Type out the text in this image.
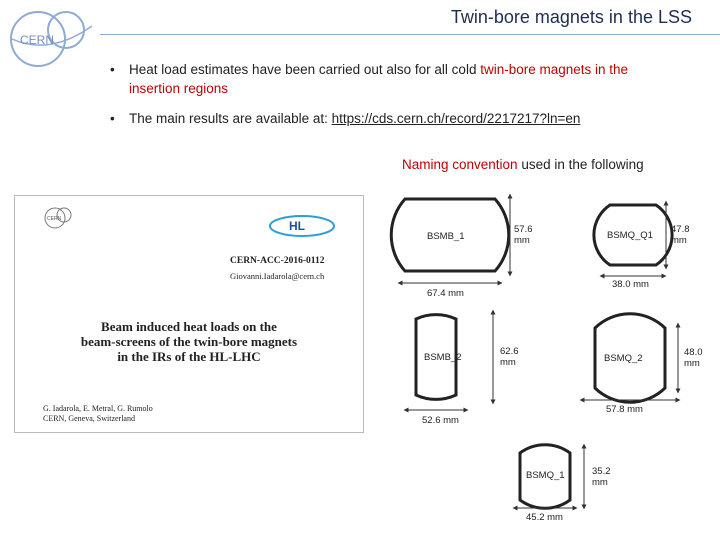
CERN
Twin-bore magnets in the LSS
• Heat load estimates have been carried out also for all cold twin-bore magnets in the insertion regions
• The main results are available at: https://cds.cern.ch/record/2217217?ln=en
Naming convention used in the following
CERN	HL
CERN-ACC-2016-0112
Giovanni.Iadarola@cern.ch
Beam induced heat loads on the
beam-screens of the twin-bore magnets
in the IRs of the HL-LHC
G. Iadarola, E. Metral, G. Rumolo
CERN, Geneva, Switzerland
BSMB_1	BSMQ_Q1
BSMB_2	BSMQ_2
BSMQ_1
57.6 mm
67.4 mm
47.8 mm
38.0 mm
62.6 mm
52.6 mm
48.0 mm
57.8 mm
35.2 mm
45.2 mm
